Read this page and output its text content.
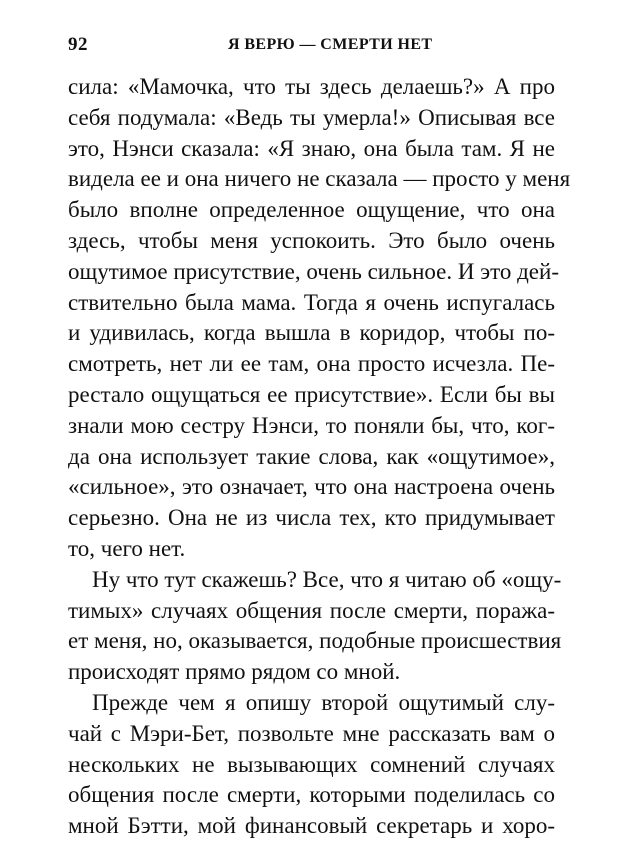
92	Я ВЕРЮ — СМЕРТИ НЕТ
сила: «Мамочка, что ты здесь делаешь?» А про
себя подумала: «Ведь ты умерла!» Описывая все
это, Нэнси сказала: «Я знаю, она была там. Я не
видела ее и она ничего не сказала — просто у меня
было вполне определенное ощущение, что она
здесь, чтобы меня успокоить. Это было очень
ощутимое присутствие, очень сильное. И это дей-
ствительно была мама. Тогда я очень испугалась
и удивилась, когда вышла в коридор, чтобы по-
смотреть, нет ли ее там, она просто исчезла. Пе-
рестало ощущаться ее присутствие». Если бы вы
знали мою сестру Нэнси, то поняли бы, что, ког-
да она использует такие слова, как «ощутимое»,
«сильное», это означает, что она настроена очень
серьезно. Она не из числа тех, кто придумывает
то, чего нет.
Ну что тут скажешь? Все, что я читаю об «ощу-
тимых» случаях общения после смерти, поража-
ет меня, но, оказывается, подобные происшествия
происходят прямо рядом со мной.
Прежде чем я опишу второй ощутимый слу-
чай с Мэри-Бет, позвольте мне рассказать вам о
нескольких не вызывающих сомнений случаях
общения после смерти, которыми поделилась со
мной Бэтти, мой финансовый секретарь и хоро-
